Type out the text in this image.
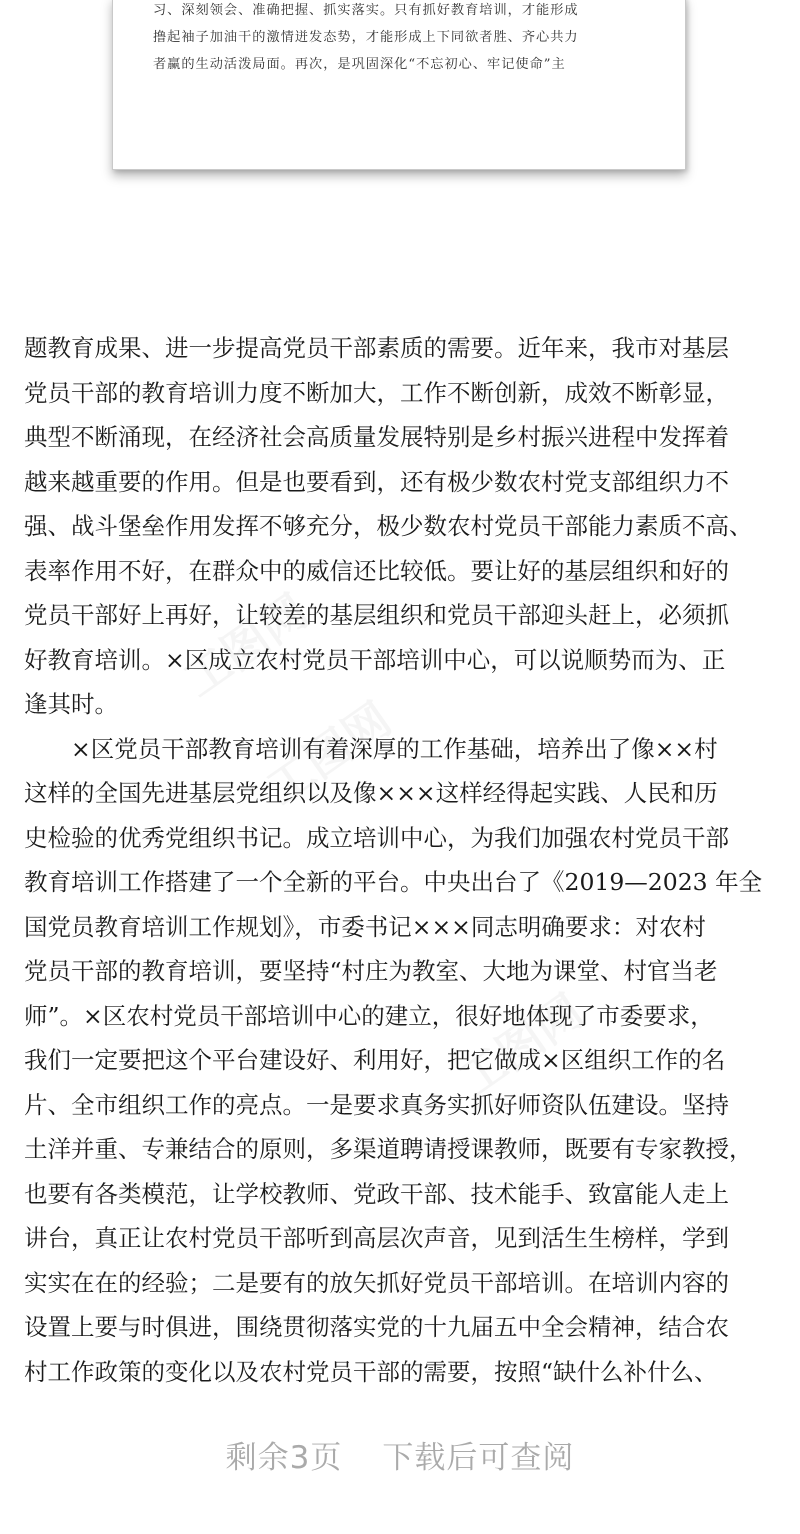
习、深刻领会、准确把握、抓实落实。只有抓好教育培训，才能形成

撸起袖子加油干的激情迸发态势，才能形成上下同欲者胜、齐心共力

者赢的生动活泼局面。再次，是巩固深化“不忘初心、牢记使命”主

题教育成果、进一步提高党员干部素质的需要。近年来，我市对基层
党员干部的教育培训力度不断加大，工作不断创新，成效不断彰显，
典型不断涌现，在经济社会高质量发展特别是乡村振兴进程中发挥着
越来越重要的作用。但是也要看到，还有极少数农村党支部组织力不
强、战斗堡垒作用发挥不够充分，极少数农村党员干部能力素质不高、
表率作用不好，在群众中的威信还比较低。要让好的基层组织和好的
党员干部好上再好，让较差的基层组织和党员干部迎头赶上，必须抓
好教育培训。×区成立农村党员干部培训中心，可以说顺势而为、正
逢其时。
　　×区党员干部教育培训有着深厚的工作基础，培养出了像××村
这样的全国先进基层党组织以及像×××这样经得起实践、人民和历
史检验的优秀党组织书记。成立培训中心，为我们加强农村党员干部
教育培训工作搭建了一个全新的平台。中央出台了《2019—2023 年全
国党员教育培训工作规划》，市委书记×××同志明确要求：对农村
党员干部的教育培训，要坚持“村庄为教室、大地为课堂、村官当老
师”。×区农村党员干部培训中心的建立，很好地体现了市委要求，
我们一定要把这个平台建设好、利用好，把它做成×区组织工作的名
片、全市组织工作的亮点。一是要求真务实抓好师资队伍建设。坚持
土洋并重、专兼结合的原则，多渠道聘请授课教师，既要有专家教授，
也要有各类模范，让学校教师、党政干部、技术能手、致富能人走上
讲台，真正让农村党员干部听到高层次声音，见到活生生榜样，学到
实实在在的经验；二是要有的放矢抓好党员干部培训。在培训内容的
设置上要与时俱进，围绕贯彻落实党的十九届五中全会精神，结合农
村工作政策的变化以及农村党员干部的需要，按照“缺什么补什么、
剩余3页 下载后可查阅
